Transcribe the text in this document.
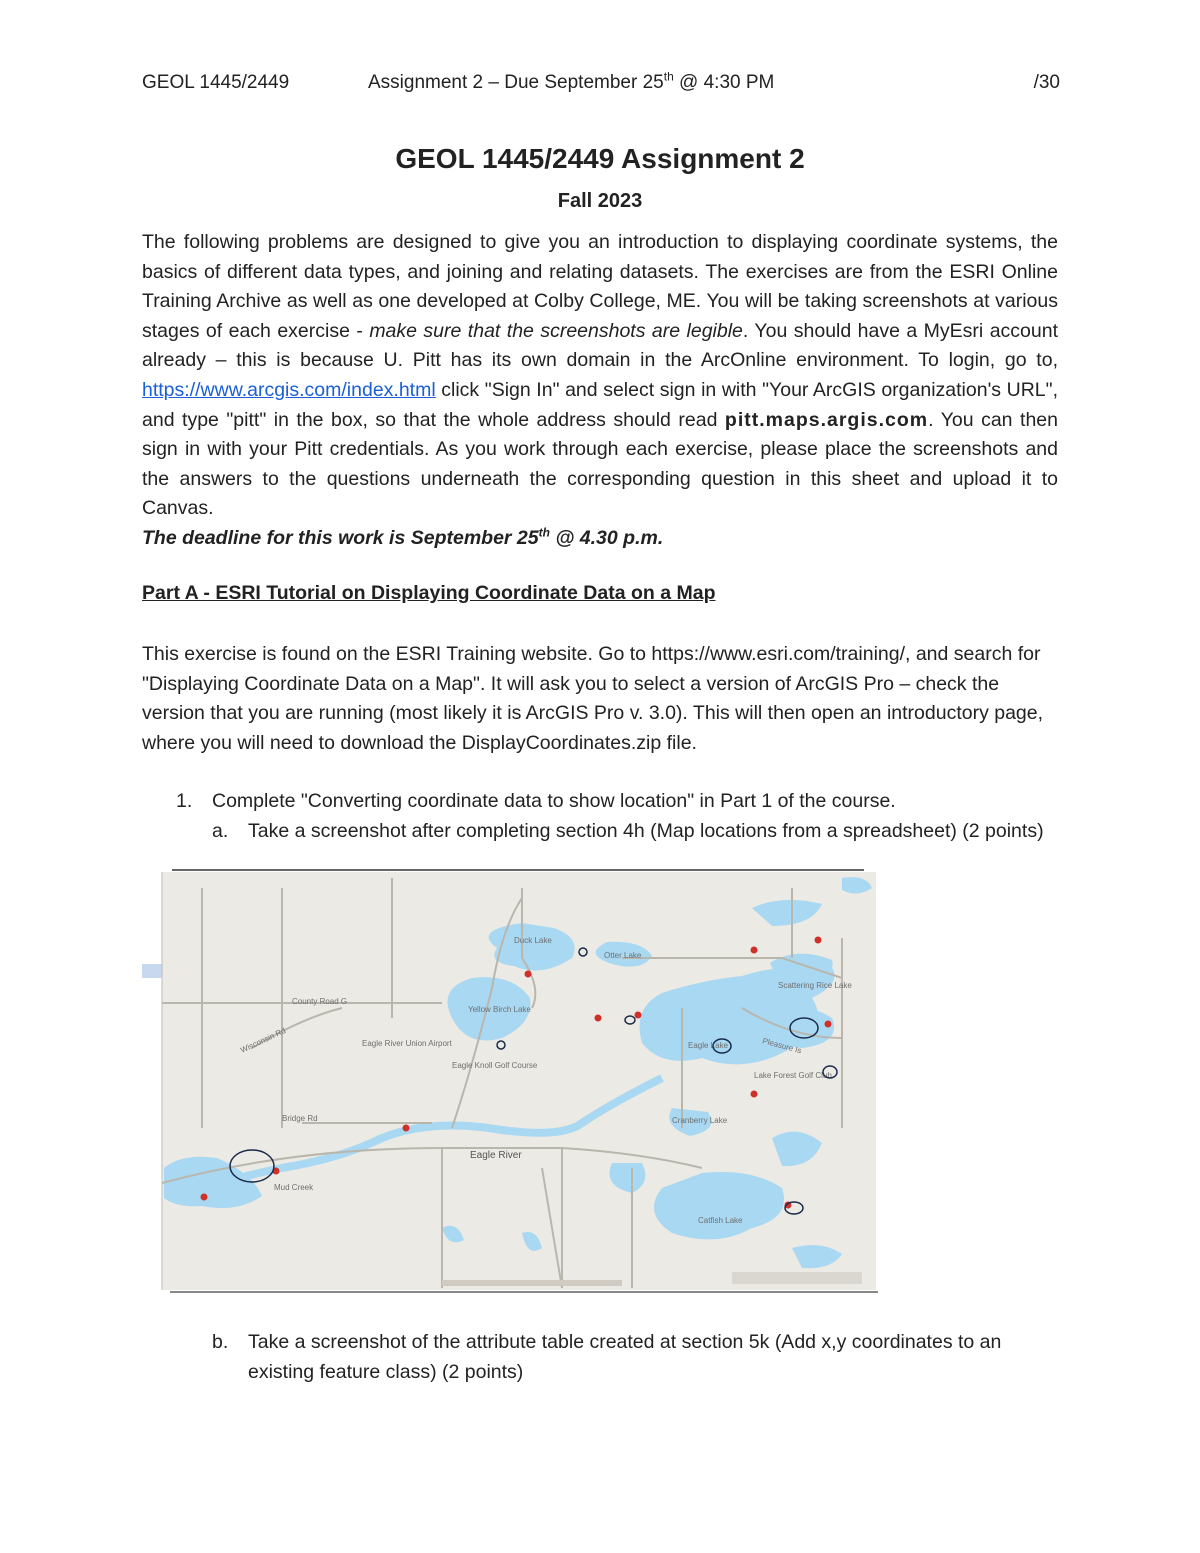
GEOL 1445/2449	Assignment 2 – Due September 25th @ 4:30 PM	/30
GEOL 1445/2449 Assignment 2
Fall 2023
The following problems are designed to give you an introduction to displaying coordinate systems, the basics of different data types, and joining and relating datasets. The exercises are from the ESRI Online Training Archive as well as one developed at Colby College, ME. You will be taking screenshots at various stages of each exercise - make sure that the screenshots are legible. You should have a MyEsri account already – this is because U. Pitt has its own domain in the ArcOnline environment. To login, go to, https://www.arcgis.com/index.html click "Sign In" and select sign in with "Your ArcGIS organization's URL", and type "pitt" in the box, so that the whole address should read pitt.maps.argis.com. You can then sign in with your Pitt credentials. As you work through each exercise, please place the screenshots and the answers to the questions underneath the corresponding question in this sheet and upload it to Canvas.
The deadline for this work is September 25th @ 4.30 p.m.
Part A - ESRI Tutorial on Displaying Coordinate Data on a Map
This exercise is found on the ESRI Training website. Go to https://www.esri.com/training/, and search for "Displaying Coordinate Data on a Map". It will ask you to select a version of ArcGIS Pro – check the version that you are running (most likely it is ArcGIS Pro v. 3.0). This will then open an introductory page, where you will need to download the DisplayCoordinates.zip file.
1. Complete "Converting coordinate data to show location" in Part 1 of the course.
a. Take a screenshot after completing section 4h (Map locations from a spreadsheet) (2 points)
County Road G
Wisconsin Rd
Bridge Rd
Mud Creek
Eagle River
Duck Lake
Otter Lake
Yellow Birch Lake
Eagle Lake
Scattering Rice Lake
Catfish Lake
Cranberry Lake
Lake Forest Golf Club
Eagle River Union Airport
Eagle Knoll Golf Course
Pleasure Is
b. Take a screenshot of the attribute table created at section 5k (Add x,y coordinates to an existing feature class) (2 points)
